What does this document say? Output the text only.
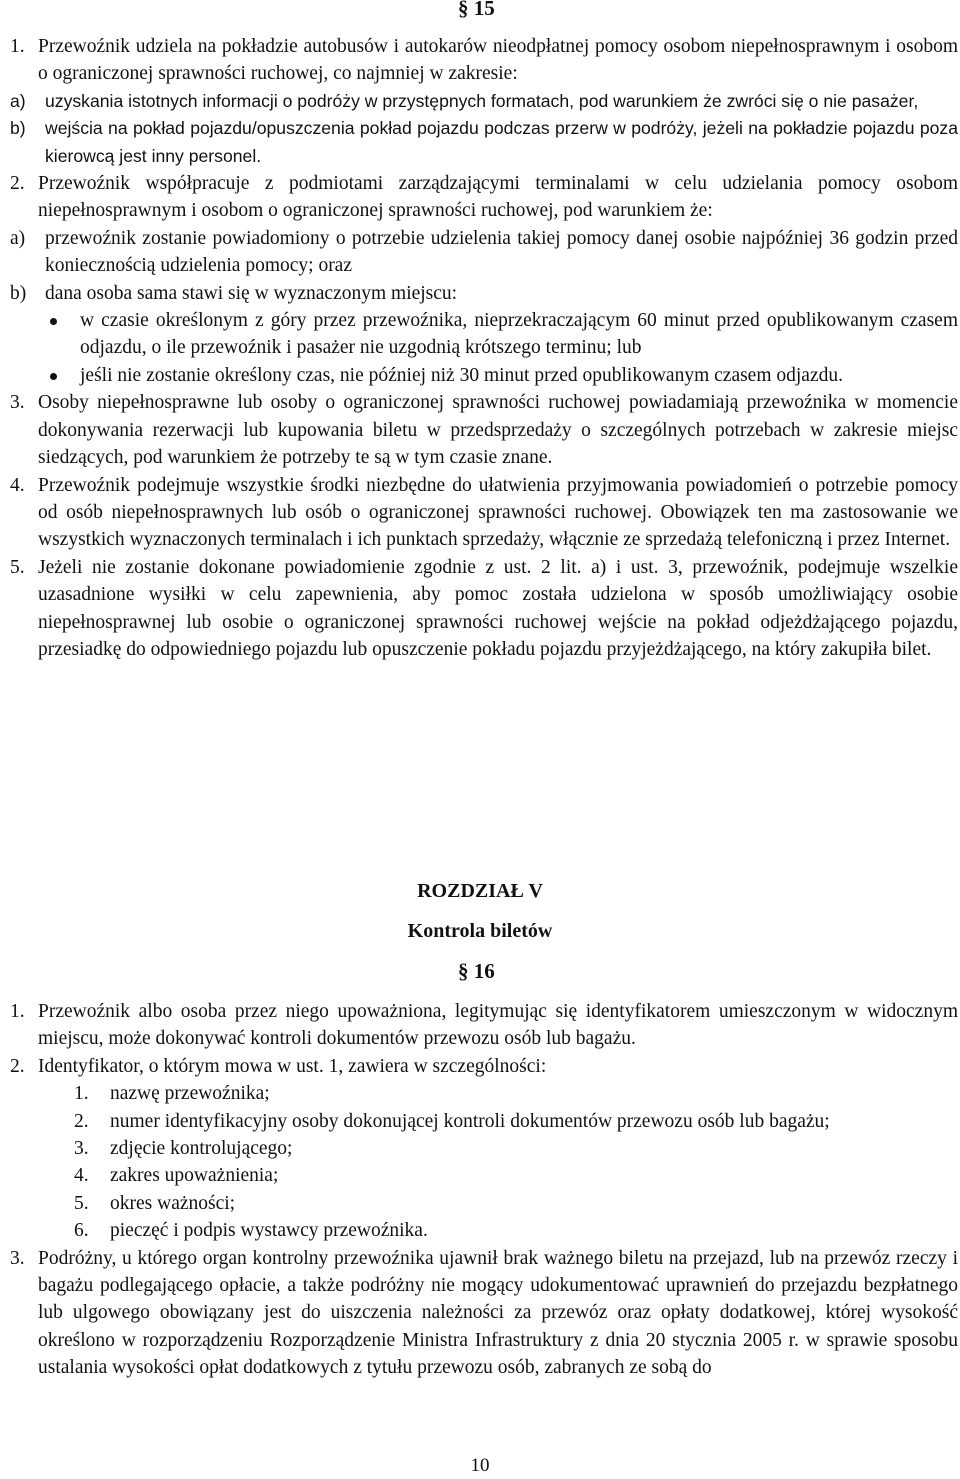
§ 15
1. Przewoźnik udziela na pokładzie autobusów i autokarów nieodpłatnej pomocy osobom niepełnosprawnym i osobom o ograniczonej sprawności ruchowej, co najmniej w zakresie:
a) uzyskania istotnych informacji o podróży w przystępnych formatach, pod warunkiem że zwróci się o nie pasażer,
b) wejścia na pokład pojazdu/opuszczenia pokład pojazdu podczas przerw w podróży, jeżeli na pokładzie pojazdu poza kierowcą jest inny personel.
2. Przewoźnik współpracuje z podmiotami zarządzającymi terminalami w celu udzielania pomocy osobom niepełnosprawnym i osobom o ograniczonej sprawności ruchowej, pod warunkiem że:
a) przewoźnik zostanie powiadomiony o potrzebie udzielenia takiej pomocy danej osobie najpóźniej 36 godzin przed koniecznością udzielenia pomocy; oraz
b) dana osoba sama stawi się w wyznaczonym miejscu:
w czasie określonym z góry przez przewoźnika, nieprzekraczającym 60 minut przed opublikowanym czasem odjazdu, o ile przewoźnik i pasażer nie uzgodnią krótszego terminu; lub
jeśli nie zostanie określony czas, nie później niż 30 minut przed opublikowanym czasem odjazdu.
3. Osoby niepełnosprawne lub osoby o ograniczonej sprawności ruchowej powiadamiają przewoźnika w momencie dokonywania rezerwacji lub kupowania biletu w przedsprzedaży o szczególnych potrzebach w zakresie miejsc siedzących, pod warunkiem że potrzeby te są w tym czasie znane.
4. Przewoźnik podejmuje wszystkie środki niezbędne do ułatwienia przyjmowania powiadomień o potrzebie pomocy od osób niepełnosprawnych lub osób o ograniczonej sprawności ruchowej. Obowiązek ten ma zastosowanie we wszystkich wyznaczonych terminalach i ich punktach sprzedaży, włącznie ze sprzedażą telefoniczną i przez Internet.
5. Jeżeli nie zostanie dokonane powiadomienie zgodnie z ust. 2 lit. a) i ust. 3, przewoźnik, podejmuje wszelkie uzasadnione wysiłki w celu zapewnienia, aby pomoc została udzielona w sposób umożliwiający osobie niepełnosprawnej lub osobie o ograniczonej sprawności ruchowej wejście na pokład odjeżdżającego pojazdu, przesiadkę do odpowiedniego pojazdu lub opuszczenie pokładu pojazdu przyjeżdżającego, na który zakupiła bilet.
ROZDZIAŁ V
Kontrola biletów
§ 16
1. Przewoźnik albo osoba przez niego upoważniona, legitymując się identyfikatorem umieszczonym w widocznym miejscu, może dokonywać kontroli dokumentów przewozu osób lub bagażu.
2. Identyfikator, o którym mowa w ust. 1, zawiera w szczególności:
1. nazwę przewoźnika;
2. numer identyfikacyjny osoby dokonującej kontroli dokumentów przewozu osób lub bagażu;
3. zdjęcie kontrolującego;
4. zakres upoważnienia;
5. okres ważności;
6. pieczęć i podpis wystawcy przewoźnika.
3. Podróżny, u którego organ kontrolny przewoźnika ujawnił brak ważnego biletu na przejazd, lub na przewóz rzeczy i bagażu podlegającego opłacie, a także podróżny nie mogący udokumentować uprawnień do przejazdu bezpłatnego lub ulgowego obowiązany jest do uiszczenia należności za przewóz oraz opłaty dodatkowej, której wysokość określono w rozporządzeniu Rozporządzenie Ministra Infrastruktury z dnia 20 stycznia 2005 r. w sprawie sposobu ustalania wysokości opłat dodatkowych z tytułu przewozu osób, zabranych ze sobą do
10
